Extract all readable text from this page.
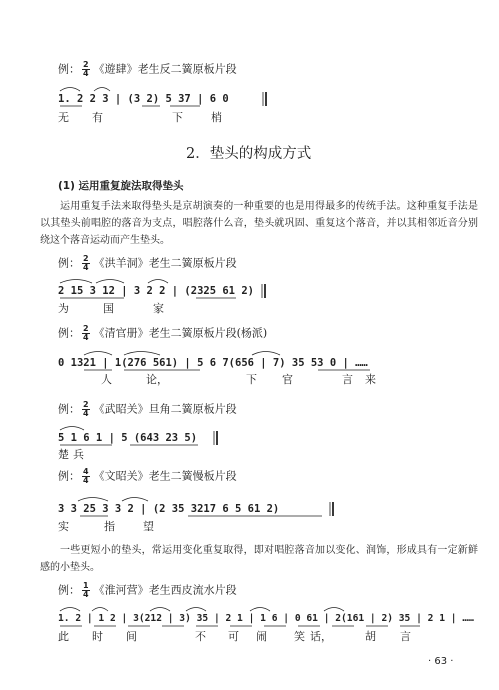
例： $\frac{2}{4}$ 《遊肆》老生反二簧原板片段
1. 2 2 3 | (3 2) 5 37 | 6 0
无 有	下	梢
2．垫头的构成方式
(1) 运用重复旋法取得垫头
运用重复手法来取得垫头是京胡演奏的一种重要的也是用得最多的传统手法。这种重复手法是以其垫头前唱腔的落音为支点，唱腔落什么音，垫头就巩固、重复这个落音，并以其相邻近音分别绕这个落音运动而产生垫头。
例： $\frac{2}{4}$ 《洪羊洞》老生二簧原板片段
2 15 3 12 | 3 2 2 | (2325 61 2)
为	国	家
例： $\frac{2}{4}$ 《清官册》老生二簧原板片段(杨派)
0 1321 | 1(276 561) | 5 6 7(656 | 7) 35 53 0 | ……
人	论，	下 官	言 来
例： $\frac{2}{4}$ 《武昭关》旦角二簧原板片段
5 1 6 1 | 5 (643 23 5)
楚 兵
例： $\frac{4}{4}$ 《文昭关》老生二簧慢板片段
3 3 25 3 3 2 | (2 35 3217 6 5 61 2)
实	指	望
一些更短小的垫头，常运用变化重复取得，即对唱腔落音加以变化、润饰，形成具有一定新鲜感的小垫头。
例： $\frac{1}{4}$ 《淮河营》老生西皮流水片段
1. 2 | 1 2 | 3(212 | 3) 35 | 2 1 | 1 6 | 0 61 | 2(161 | 2) 35 | 2 1 | ……
此 时 间	不 可 闹 笑 话，	胡 言
· 63 ·
